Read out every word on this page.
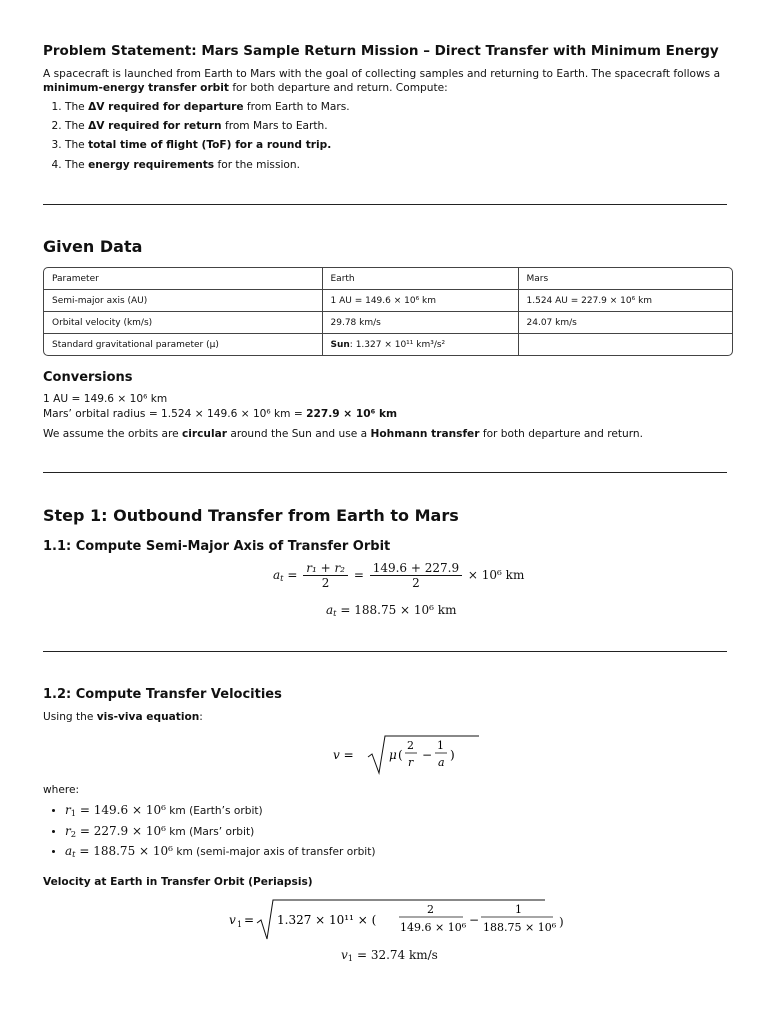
Problem Statement: Mars Sample Return Mission – Direct Transfer with Minimum Energy

A spacecraft is launched from Earth to Mars with the goal of collecting samples and returning to Earth. The spacecraft follows a minimum-energy transfer orbit for both departure and return. Compute:

1. The ΔV required for departure from Earth to Mars.
2. The ΔV required for return from Mars to Earth.
3. The total time of flight (ToF) for a round trip.
4. The energy requirements for the mission.
Given Data
Parameter	Earth	Mars
Semi-major axis (AU)	1 AU = 149.6 × 10⁶ km	1.524 AU = 227.9 × 10⁶ km
Orbital velocity (km/s)	29.78 km/s	24.07 km/s
Standard gravitational parameter (μ)	Sun: 1.327 × 10¹¹ km³/s²	
Conversions

1 AU = 149.6 × 10⁶ km

Mars’ orbital radius = 1.524 × 149.6 × 10⁶ km = 227.9 × 10⁶ km

We assume the orbits are circular around the Sun and use a Hohmann transfer for both departure and return.

Step 1: Outbound Transfer from Earth to Mars
1.1: Compute Semi-Major Axis of Transfer Orbit
$a_t = \frac{\text{r₁ + r₂}}{2} = \frac{149.6 + 227.9}{2} \times 10^6$ km
$a_t = 188.75 \times 10^6$ km
1.2: Compute Transfer Velocities

Using the vis-viva equation:

v =	μ (
2
r
−
1
a
)

where:

• $r_1 = 149.6 \times 10^6$ km (Earth’s orbit)
• $r_2 = 227.9 \times 10^6$ km (Mars’ orbit)
• $a_t = 188.75 \times 10^6$ km (semi-major axis of transfer orbit)
Velocity at Earth in Transfer Orbit (Periapsis)
v 1 = 1.327 × 10¹¹ × (
2
149.6 × 10⁶
−
1
188.75 × 10⁶ )
$v_1 = 32.74$ km/s
